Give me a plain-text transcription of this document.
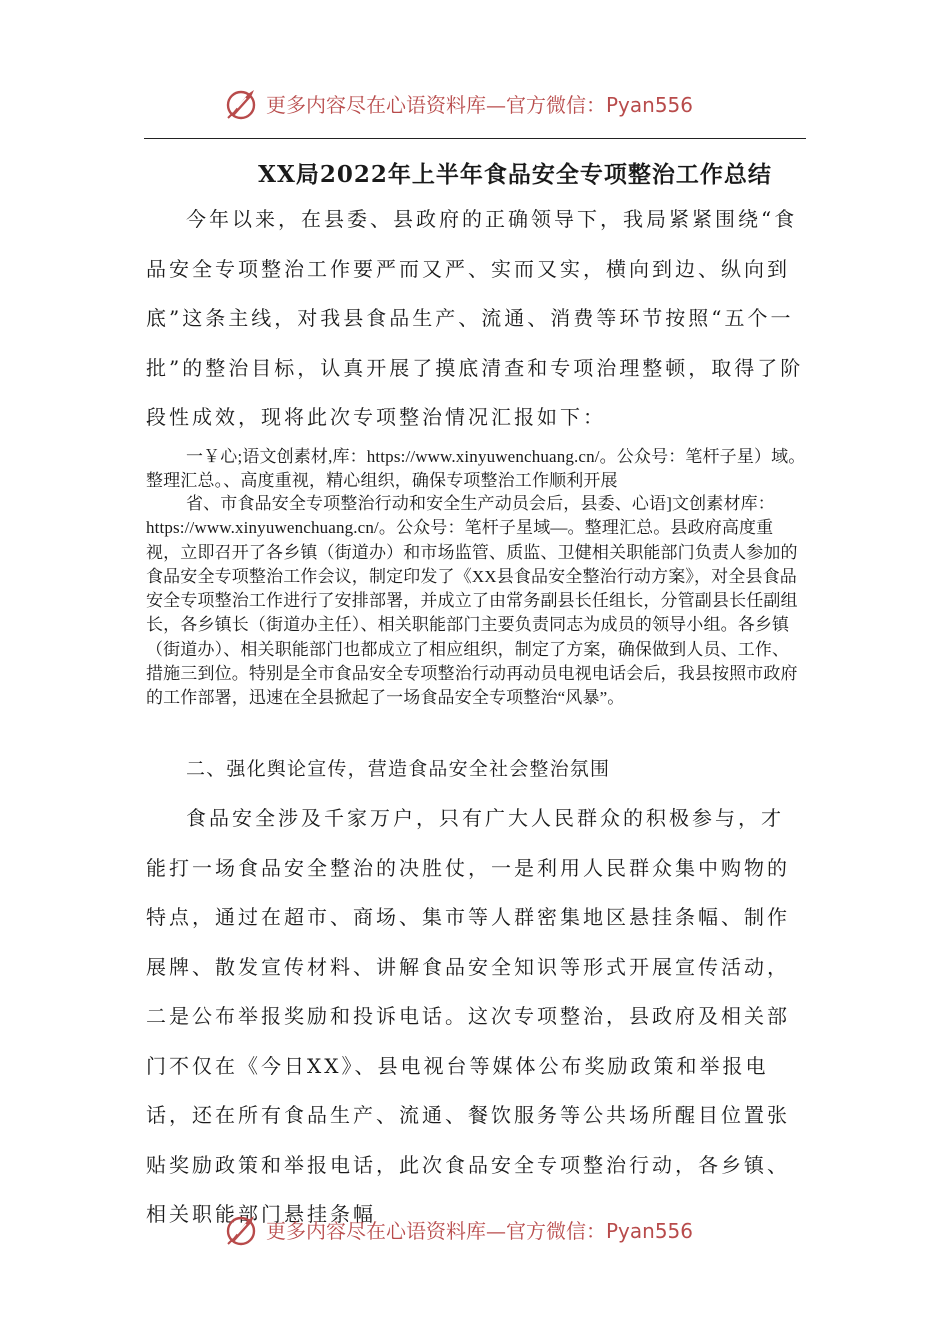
更多内容尽在心语资料库—官方微信：Pyan556
XX局2022年上半年食品安全专项整治工作总结

今年以来，在县委、县政府的正确领导下，我局紧紧围绕“食品安全专项整治工作要严而又严、实而又实，横向到边、纵向到底”这条主线，对我县食品生产、流通、消费等环节按照“五个一批”的整治目标，认真开展了摸底清查和专项治理整顿，取得了阶段性成效，现将此次专项整治情况汇报如下：

一￥心;语文创素材,库：https://www.xinyuwenchuang.cn/。公众号：笔杆子星）域。整理汇总。、高度重视，精心组织，确保专项整治工作顺利开展

省、市食品安全专项整治行动和安全生产动员会后，县委、心语]文创素材库：https://www.xinyuwenchuang.cn/。公众号：笔杆子星域—。整理汇总。县政府高度重视，立即召开了各乡镇（街道办）和市场监管、质监、卫健相关职能部门负责人参加的食品安全专项整治工作会议，制定印发了《XX县食品安全整治行动方案》，对全县食品安全专项整治工作进行了安排部署，并成立了由常务副县长任组长，分管副县长任副组长，各乡镇长（街道办主任）、相关职能部门主要负责同志为成员的领导小组。各乡镇（街道办）、相关职能部门也都成立了相应组织，制定了方案，确保做到人员、工作、措施三到位。特别是全市食品安全专项整治行动再动员电视电话会后，我县按照市政府的工作部署，迅速在全县掀起了一场食品安全专项整治“风暴”。

二、强化舆论宣传，营造食品安全社会整治氛围

食品安全涉及千家万户，只有广大人民群众的积极参与，才能打一场食品安全整治的决胜仗，一是利用人民群众集中购物的特点，通过在超市、商场、集市等人群密集地区悬挂条幅、制作展牌、散发宣传材料、讲解食品安全知识等形式开展宣传活动，二是公布举报奖励和投诉电话。这次专项整治，县政府及相关部门不仅在《今日XX》、县电视台等媒体公布奖励政策和举报电话，还在所有食品生产、流通、餐饮服务等公共场所醒目位置张贴奖励政策和举报电话，此次食品安全专项整治行动，各乡镇、相关职能部门悬挂条幅

更多内容尽在心语资料库—官方微信：Pyan556
